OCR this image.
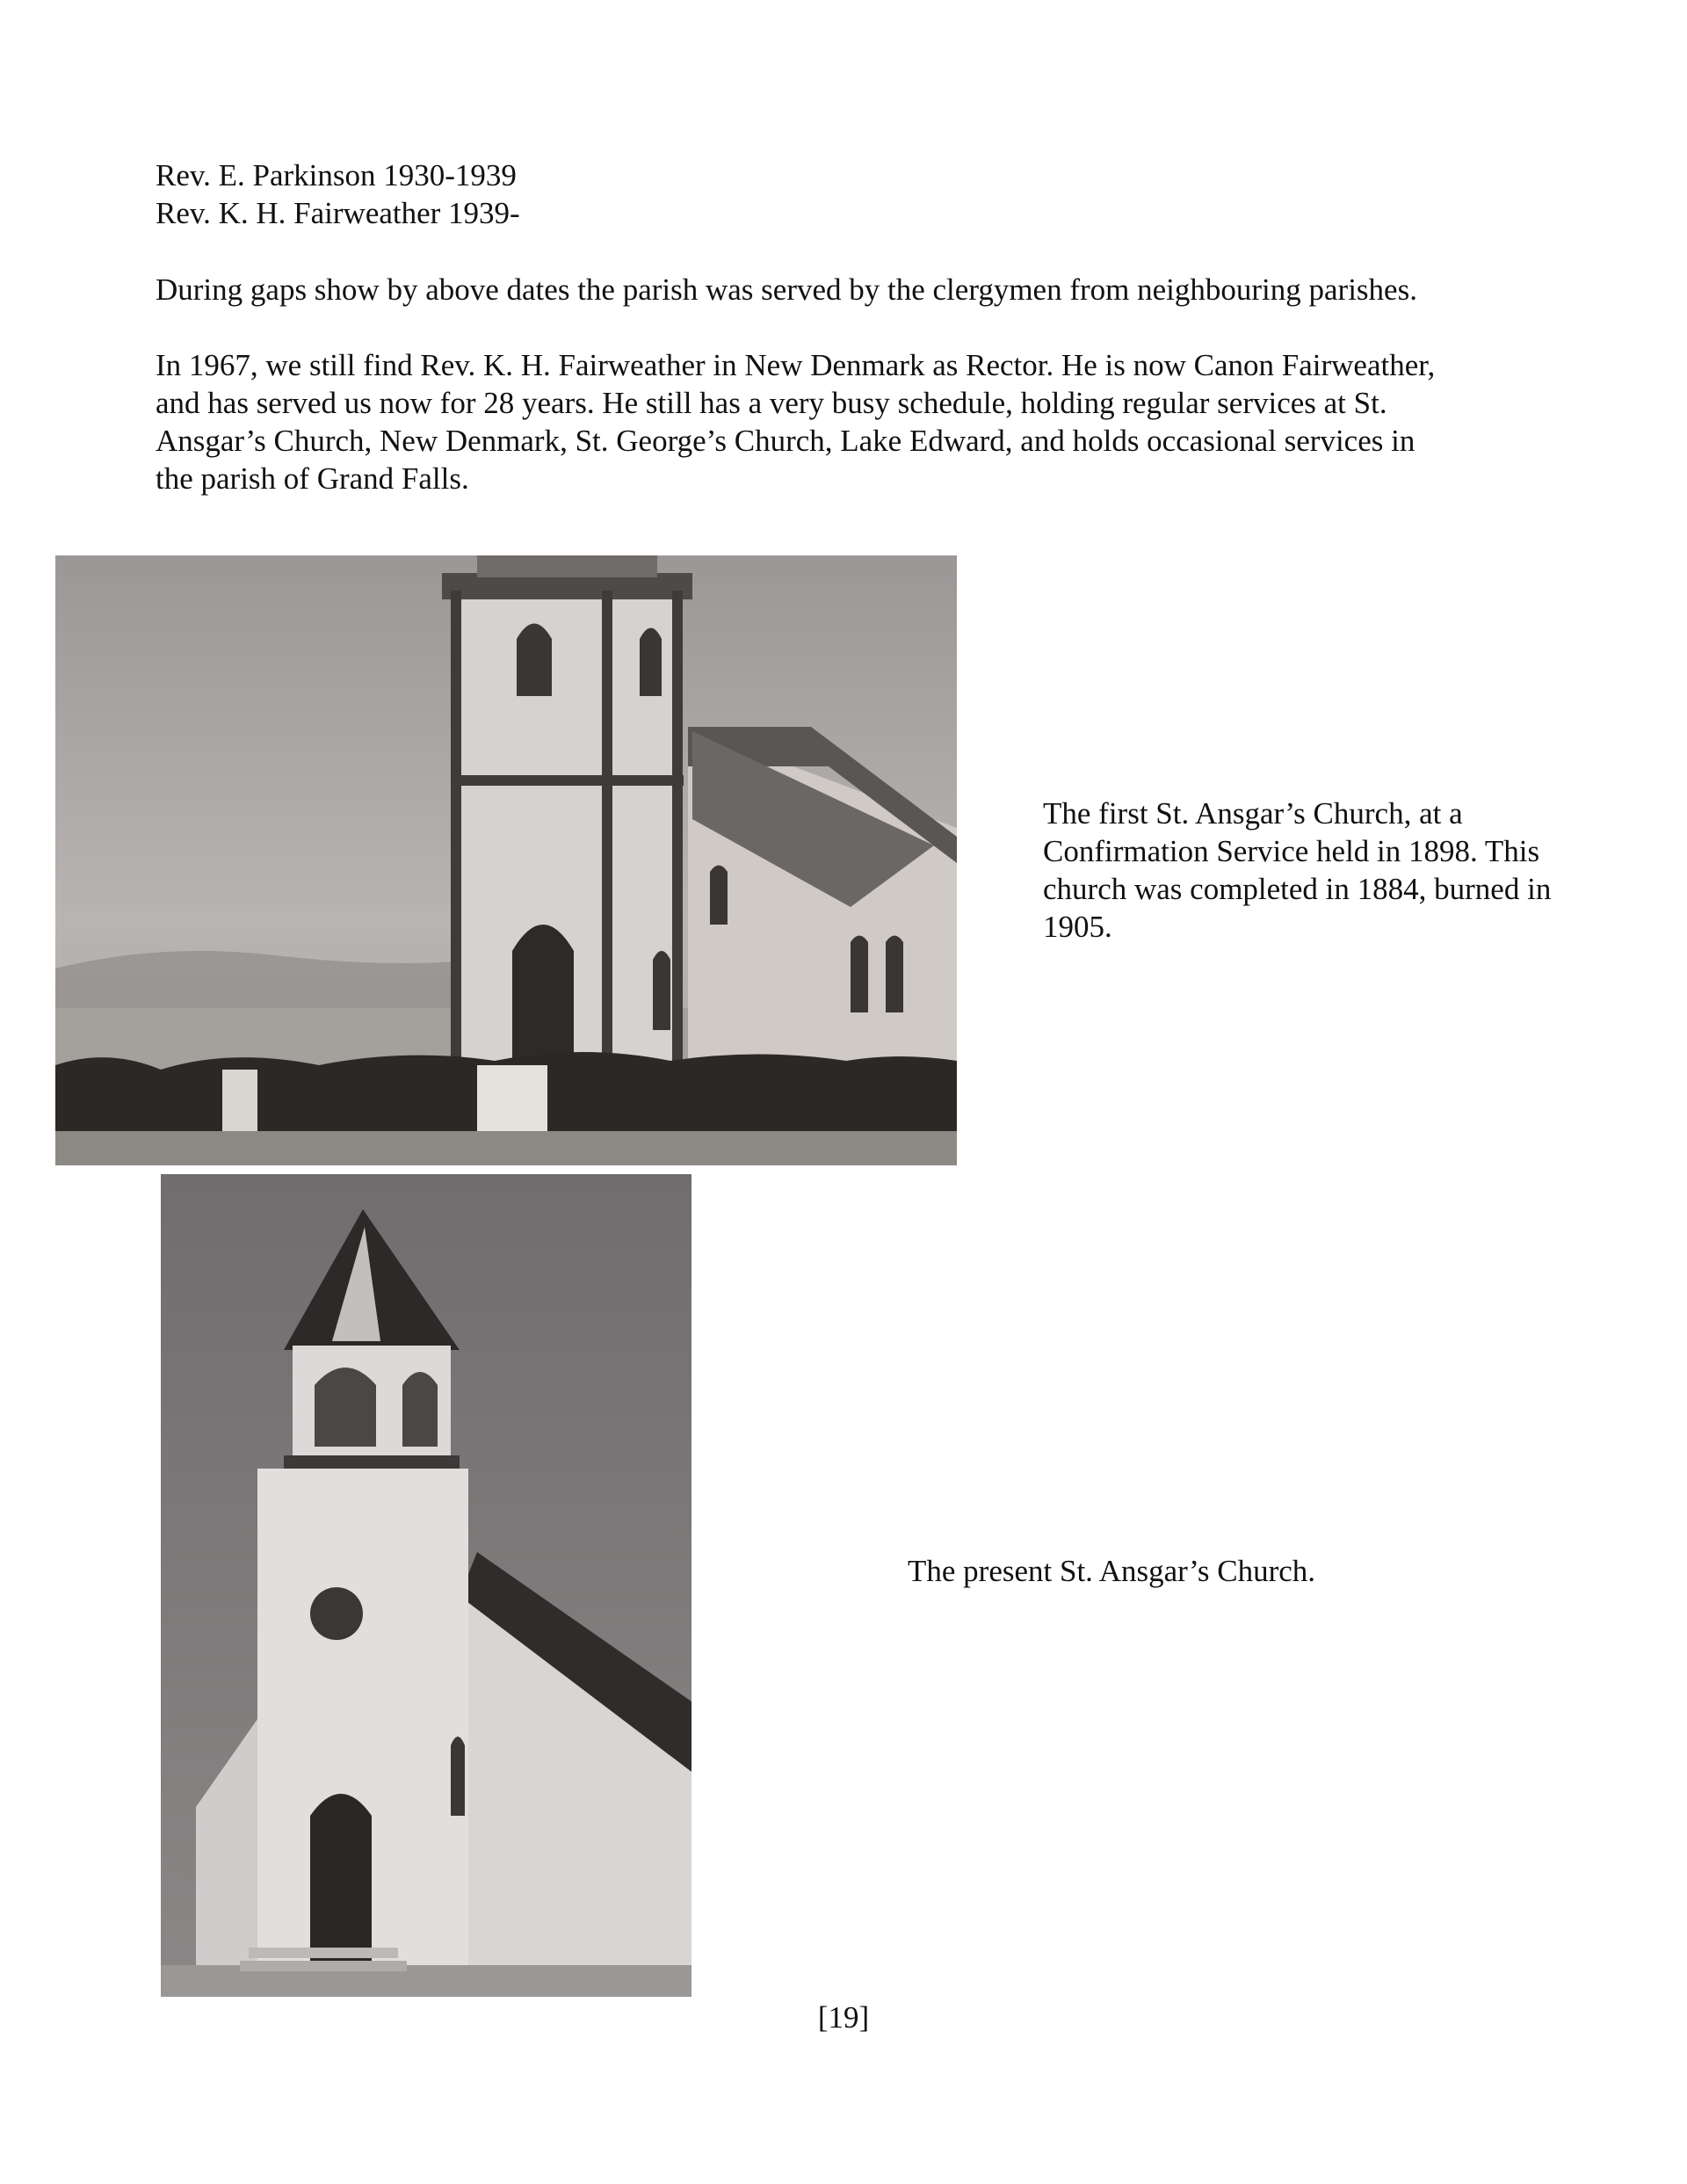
Rev. E. Parkinson 1930-1939

Rev. K. H. Fairweather 1939-

During gaps show by above dates the parish was served by the clergymen from neighbouring parishes.

In 1967, we still find Rev. K. H. Fairweather in New Denmark as Rector. He is now Canon Fairweather, and has served us now for 28 years. He still has a very busy schedule, holding regular services at St. Ansgar’s Church, New Denmark, St. George’s Church, Lake Edward, and holds occasional services in the parish of Grand Falls.

The first St. Ansgar’s Church, at a Confirmation Service held in 1898. This church was completed in 1884, burned in 1905.
The present St. Ansgar’s Church.
[19]
